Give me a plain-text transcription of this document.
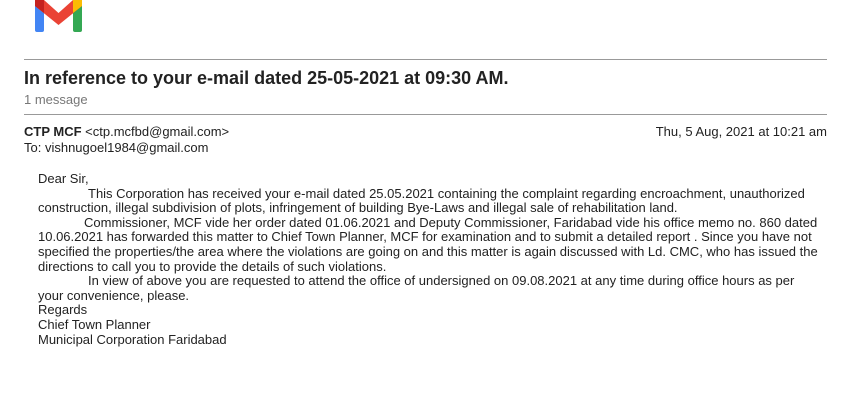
In reference to your e-mail dated 25-05-2021 at 09:30 AM.
1 message
CTP MCF <ctp.mcfbd@gmail.com>	Thu, 5 Aug, 2021 at 10:21 am
To: vishnugoel1984@gmail.com

Dear Sir,

This Corporation has received your e-mail dated 25.05.2021 containing the complaint regarding encroachment, unauthorized construction, illegal subdivision of plots, infringement of building Bye-Laws and illegal sale of rehabilitation land.

Commissioner, MCF vide her order dated 01.06.2021 and Deputy Commissioner, Faridabad vide his office memo no. 860 dated 10.06.2021 has forwarded this matter to Chief Town Planner, MCF for examination and to submit a detailed report . Since you have not specified the properties/the area where the violations are going on and this matter is again discussed with Ld. CMC, who has issued the directions to call you to provide the details of such violations.

In view of above you are requested to attend the office of undersigned on 09.08.2021 at any time during office hours as per your convenience, please.

Regards

Chief Town Planner

Municipal Corporation Faridabad
